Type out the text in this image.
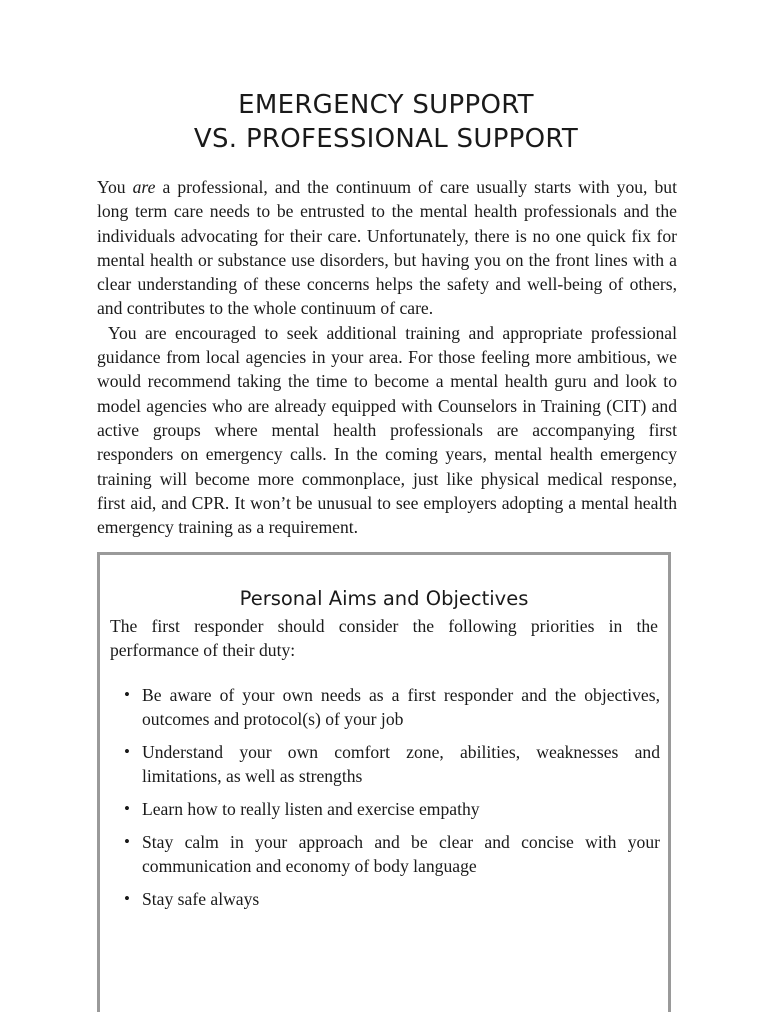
EMERGENCY SUPPORT
VS. PROFESSIONAL SUPPORT

You are a professional, and the continuum of care usually starts with you, but long term care needs to be entrusted to the mental health professionals and the individuals advocating for their care. Unfortunately, there is no one quick fix for mental health or substance use disorders, but having you on the front lines with a clear understanding of these concerns helps the safety and well-being of others, and contributes to the whole continuum of care.

You are encouraged to seek additional training and appropriate professional guidance from local agencies in your area. For those feeling more ambitious, we would recommend taking the time to become a mental health guru and look to model agencies who are already equipped with Counselors in Training (CIT) and active groups where mental health professionals are accompanying first responders on emergency calls. In the coming years, mental health emergency training will become more commonplace, just like physical medical response, first aid, and CPR. It won’t be unusual to see employers adopting a mental health emergency training as a requirement.

Personal Aims and Objectives

The first responder should consider the following priorities in the performance of their duty:

• Be aware of your own needs as a first responder and the objectives, outcomes and protocol(s) of your job
• Understand your own comfort zone, abilities, weaknesses and limitations, as well as strengths
• Learn how to really listen and exercise empathy
• Stay calm in your approach and be clear and concise with your communication and economy of body language
• Stay safe always
